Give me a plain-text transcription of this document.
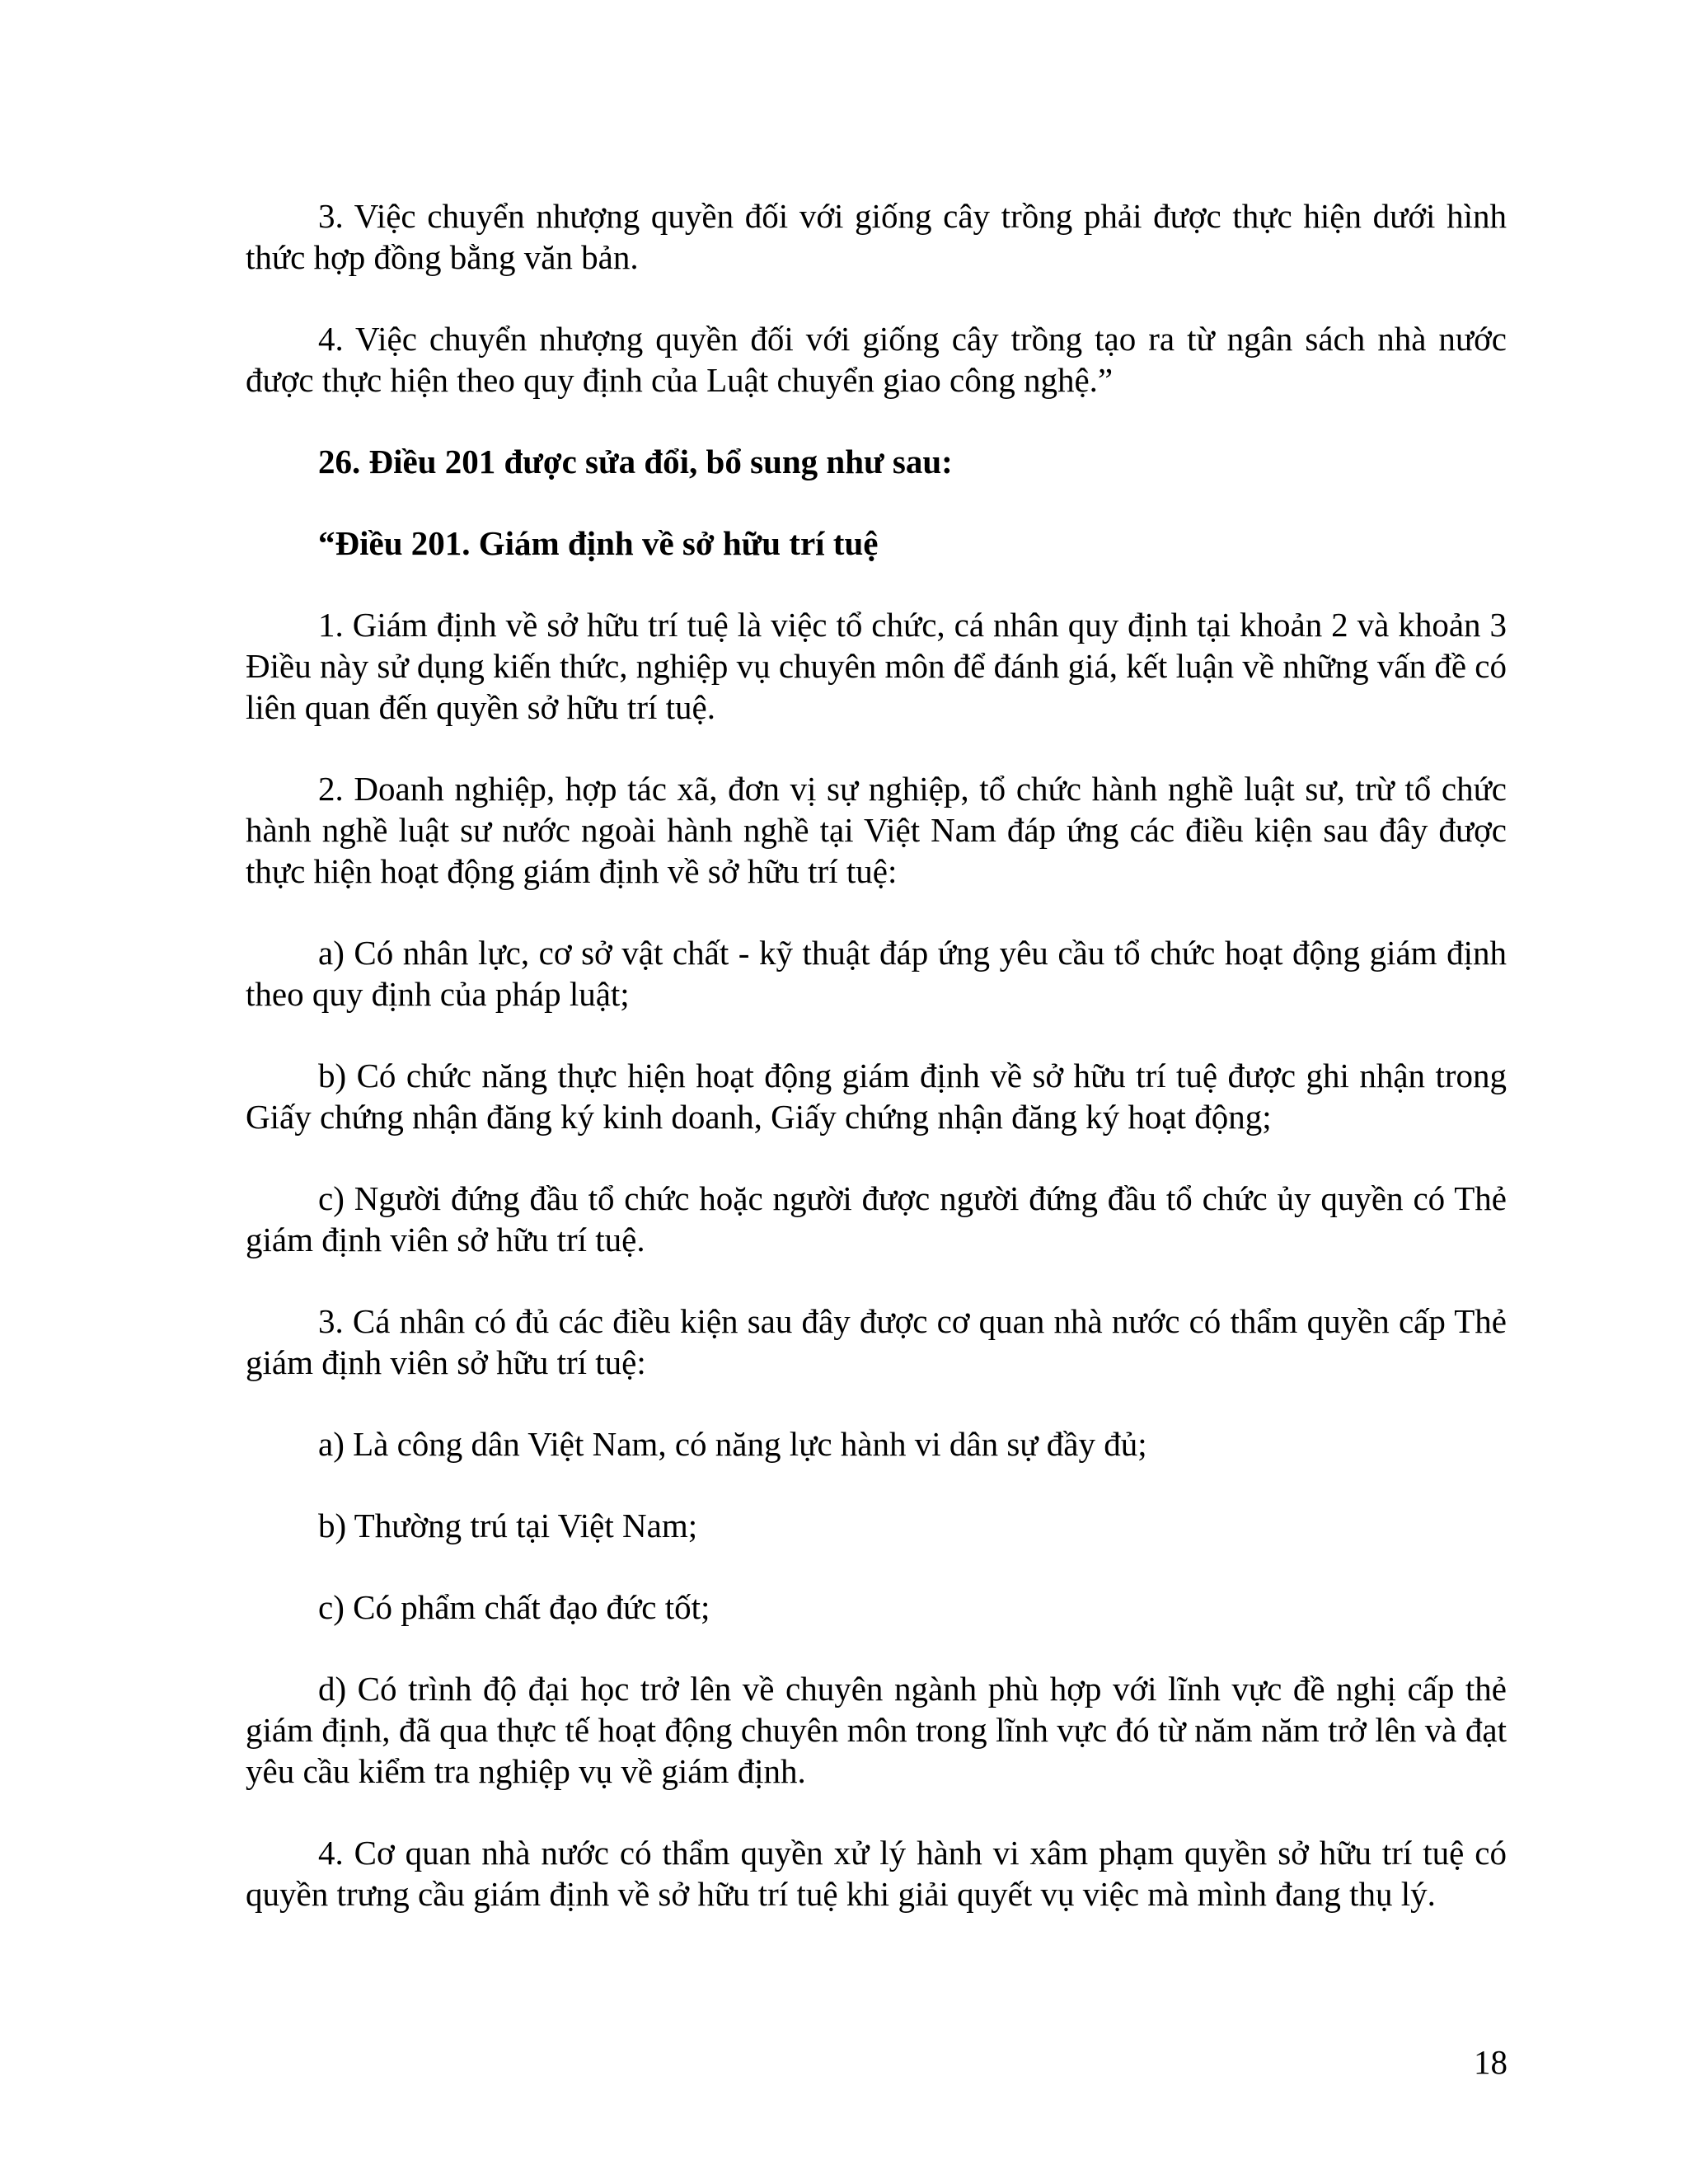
3. Việc chuyển nhượng quyền đối với giống cây trồng phải được thực hiện dưới hình thức hợp đồng bằng văn bản.

4. Việc chuyển nhượng quyền đối với giống cây trồng tạo ra từ ngân sách nhà nước được thực hiện theo quy định của Luật chuyển giao công nghệ.”

26. Điều 201 được sửa đổi, bổ sung như sau:

“Điều 201. Giám định về sở hữu trí tuệ

1. Giám định về sở hữu trí tuệ là việc tổ chức, cá nhân quy định tại khoản 2 và khoản 3 Điều này sử dụng kiến thức, nghiệp vụ chuyên môn để đánh giá, kết luận về những vấn đề có liên quan đến quyền sở hữu trí tuệ.

2. Doanh nghiệp, hợp tác xã, đơn vị sự nghiệp, tổ chức hành nghề luật sư, trừ tổ chức hành nghề luật sư nước ngoài hành nghề tại Việt Nam đáp ứng các điều kiện sau đây được thực hiện hoạt động giám định về sở hữu trí tuệ:

a) Có nhân lực, cơ sở vật chất - kỹ thuật đáp ứng yêu cầu tổ chức hoạt động giám định theo quy định của pháp luật;

b) Có chức năng thực hiện hoạt động giám định về sở hữu trí tuệ được ghi nhận trong Giấy chứng nhận đăng ký kinh doanh, Giấy chứng nhận đăng ký hoạt động;

c) Người đứng đầu tổ chức hoặc người được người đứng đầu tổ chức ủy quyền có Thẻ giám định viên sở hữu trí tuệ.

3. Cá nhân có đủ các điều kiện sau đây được cơ quan nhà nước có thẩm quyền cấp Thẻ giám định viên sở hữu trí tuệ:

a) Là công dân Việt Nam, có năng lực hành vi dân sự đầy đủ;

b) Thường trú tại Việt Nam;

c) Có phẩm chất đạo đức tốt;

d) Có trình độ đại học trở lên về chuyên ngành phù hợp với lĩnh vực đề nghị cấp thẻ giám định, đã qua thực tế hoạt động chuyên môn trong lĩnh vực đó từ năm năm trở lên và đạt yêu cầu kiểm tra nghiệp vụ về giám định.

4. Cơ quan nhà nước có thẩm quyền xử lý hành vi xâm phạm quyền sở hữu trí tuệ có quyền trưng cầu giám định về sở hữu trí tuệ khi giải quyết vụ việc mà mình đang thụ lý.

18
